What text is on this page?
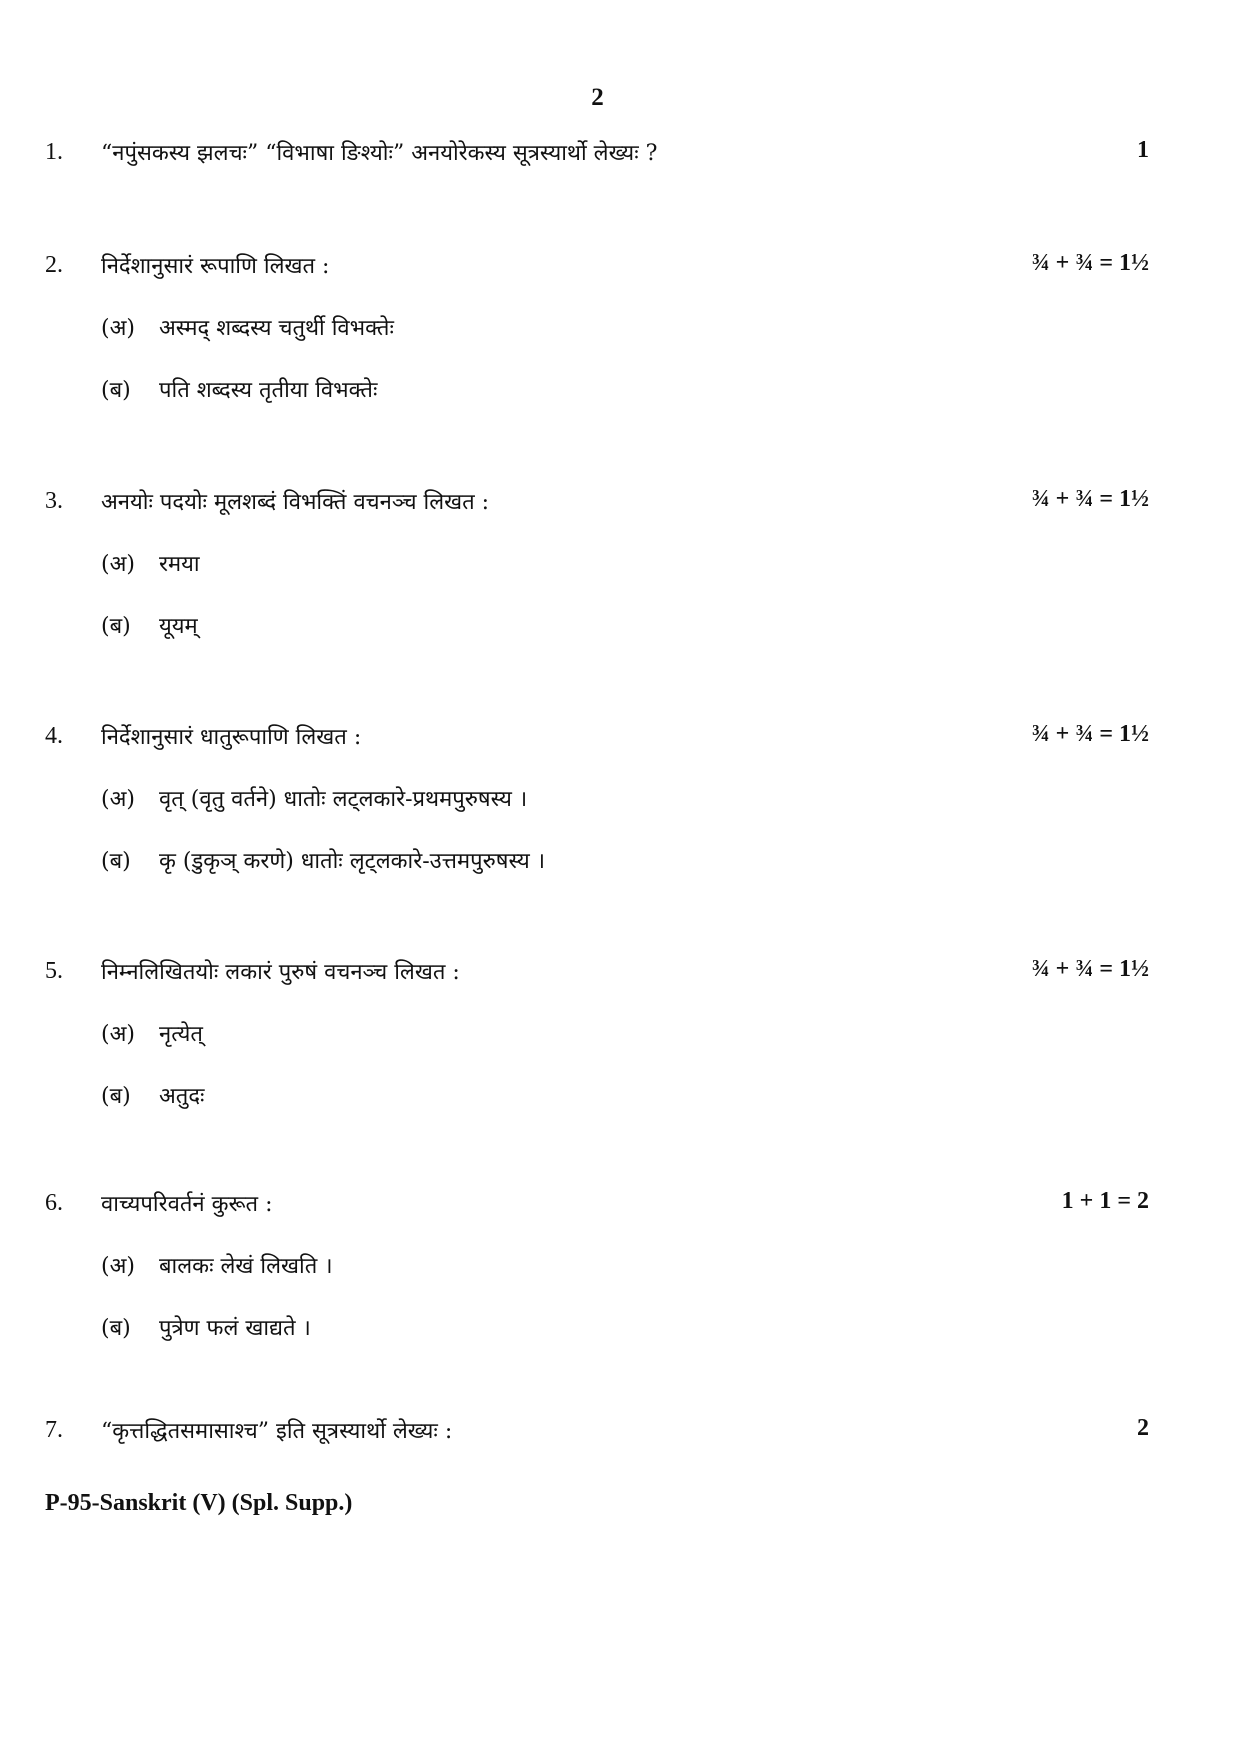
2
1. “नपुंसकस्य झलचः” “विभाषा ङिश्योः” अनयोरेकस्य सूत्रस्यार्थो लेख्यः ?	1
2. निर्देशानुसारं रूपाणि लिखत :	¾ + ¾ = 1½
(अ) अस्मद् शब्दस्य चतुर्थी विभक्तेः
(ब) पति शब्दस्य तृतीया विभक्तेः
3. अनयोः पदयोः मूलशब्दं विभक्तिं वचनञ्च लिखत :	¾ + ¾ = 1½
(अ) रमया
(ब) यूयम्
4. निर्देशानुसारं धातुरूपाणि लिखत :	¾ + ¾ = 1½
(अ) वृत् (वृतु वर्तने) धातोः लट्लकारे-प्रथमपुरुषस्य ।
(ब) कृ (डुकृञ् करणे) धातोः लृट्लकारे-उत्तमपुरुषस्य ।
5. निम्नलिखितयोः लकारं पुरुषं वचनञ्च लिखत :	¾ + ¾ = 1½
(अ) नृत्येत्
(ब) अतुदः
6. वाच्यपरिवर्तनं कुरूत :	1 + 1 = 2
(अ) बालकः लेखं लिखति ।
(ब) पुत्रेण फलं खाद्यते ।
7. “कृत्तद्धितसमासाश्च” इति सूत्रस्यार्थो लेख्यः :	2
P-95-Sanskrit (V) (Spl. Supp.)
